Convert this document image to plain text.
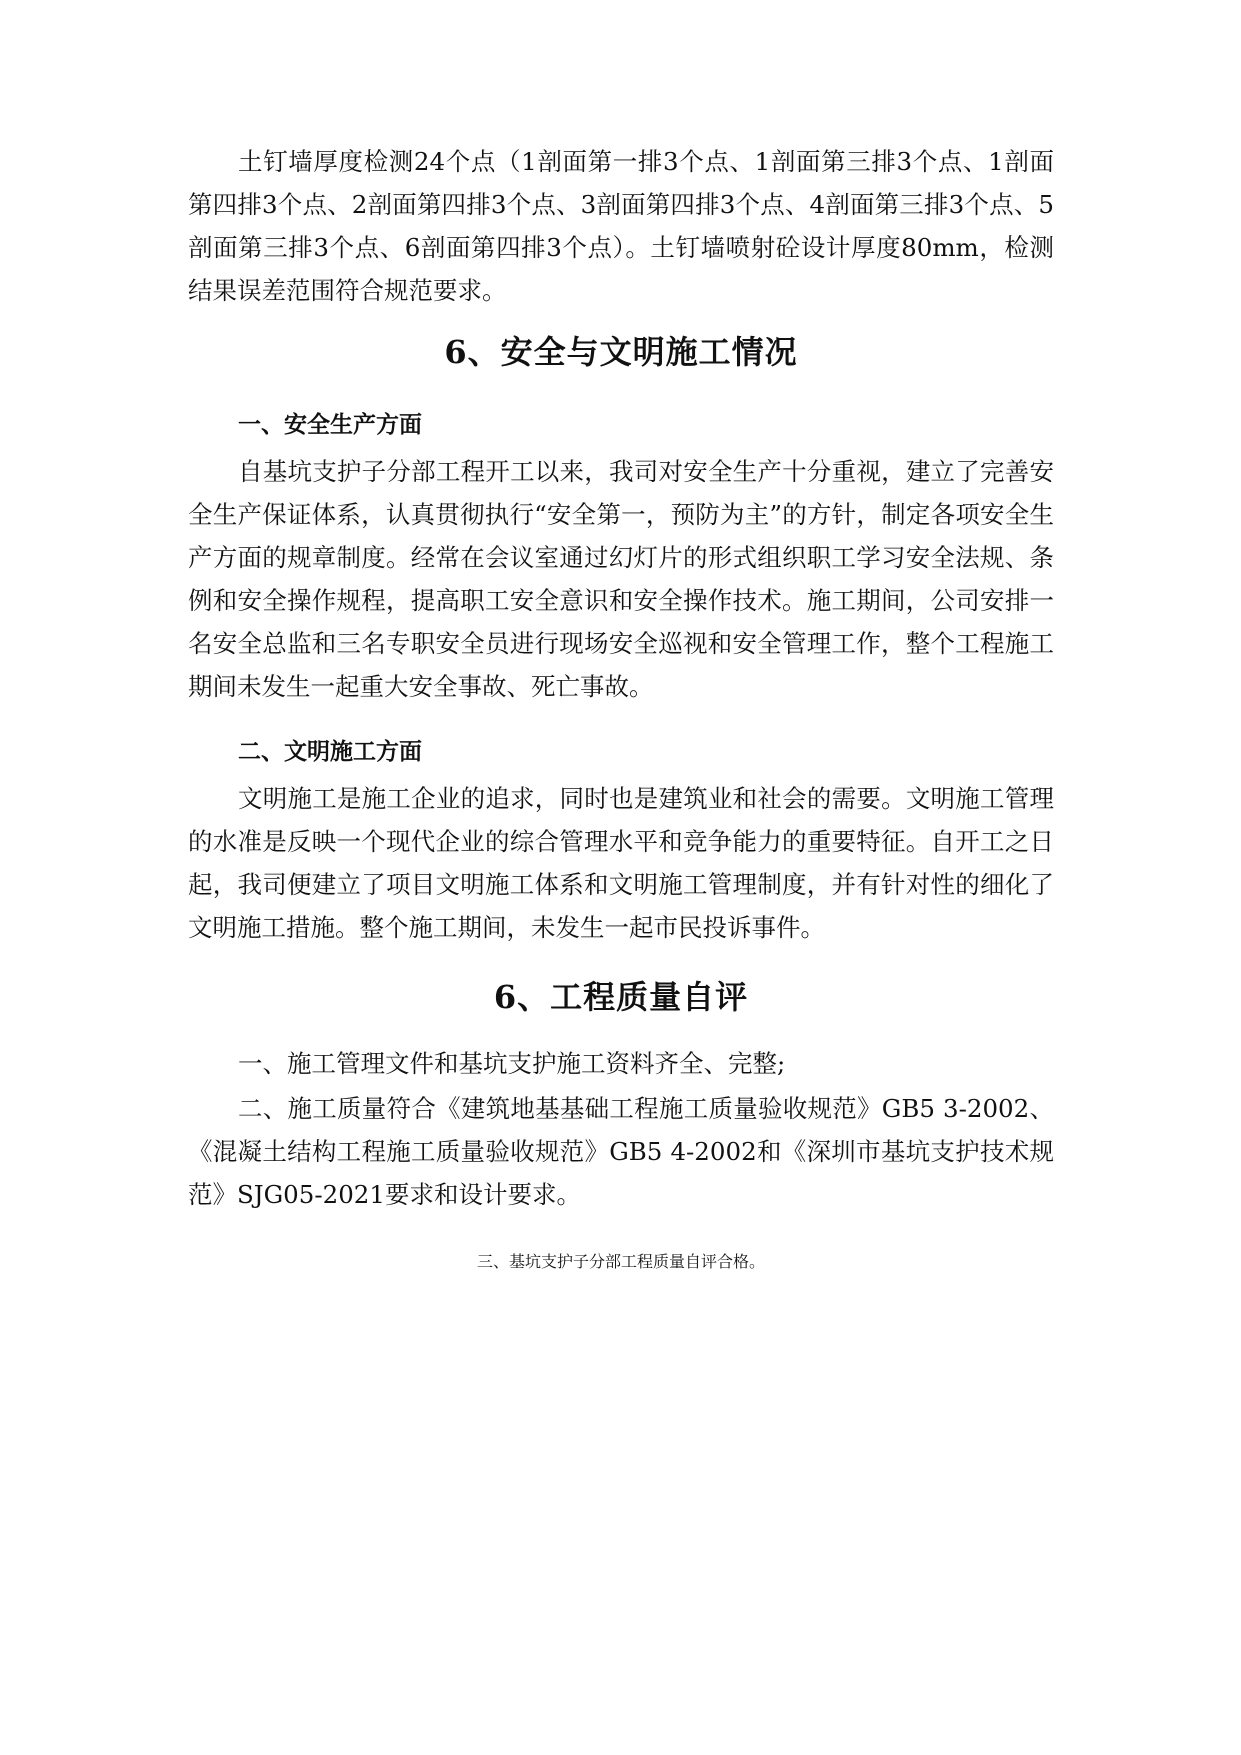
土钉墙厚度检测24个点（1剖面第一排3个点、1剖面第三排3个点、1剖面第四排3个点、2剖面第四排3个点、3剖面第四排3个点、4剖面第三排3个点、5剖面第三排3个点、6剖面第四排3个点）。土钉墙喷射砼设计厚度80mm，检测结果误差范围符合规范要求。

6、安全与文明施工情况
一、安全生产方面

自基坑支护子分部工程开工以来，我司对安全生产十分重视，建立了完善安全生产保证体系，认真贯彻执行“安全第一，预防为主”的方针，制定各项安全生产方面的规章制度。经常在会议室通过幻灯片的形式组织职工学习安全法规、条例和安全操作规程，提高职工安全意识和安全操作技术。施工期间，公司安排一名安全总监和三名专职安全员进行现场安全巡视和安全管理工作，整个工程施工期间未发生一起重大安全事故、死亡事故。

二、文明施工方面

文明施工是施工企业的追求，同时也是建筑业和社会的需要。文明施工管理的水准是反映一个现代企业的综合管理水平和竞争能力的重要特征。自开工之日起，我司便建立了项目文明施工体系和文明施工管理制度，并有针对性的细化了文明施工措施。整个施工期间，未发生一起市民投诉事件。

6、工程质量自评

一、施工管理文件和基坑支护施工资料齐全、完整;

二、施工质量符合《建筑地基基础工程施工质量验收规范》GB5 3-2002、《混凝土结构工程施工质量验收规范》GB5 4-2002和《深圳市基坑支护技术规范》SJG05-2021要求和设计要求。

三、基坑支护子分部工程质量自评合格。
